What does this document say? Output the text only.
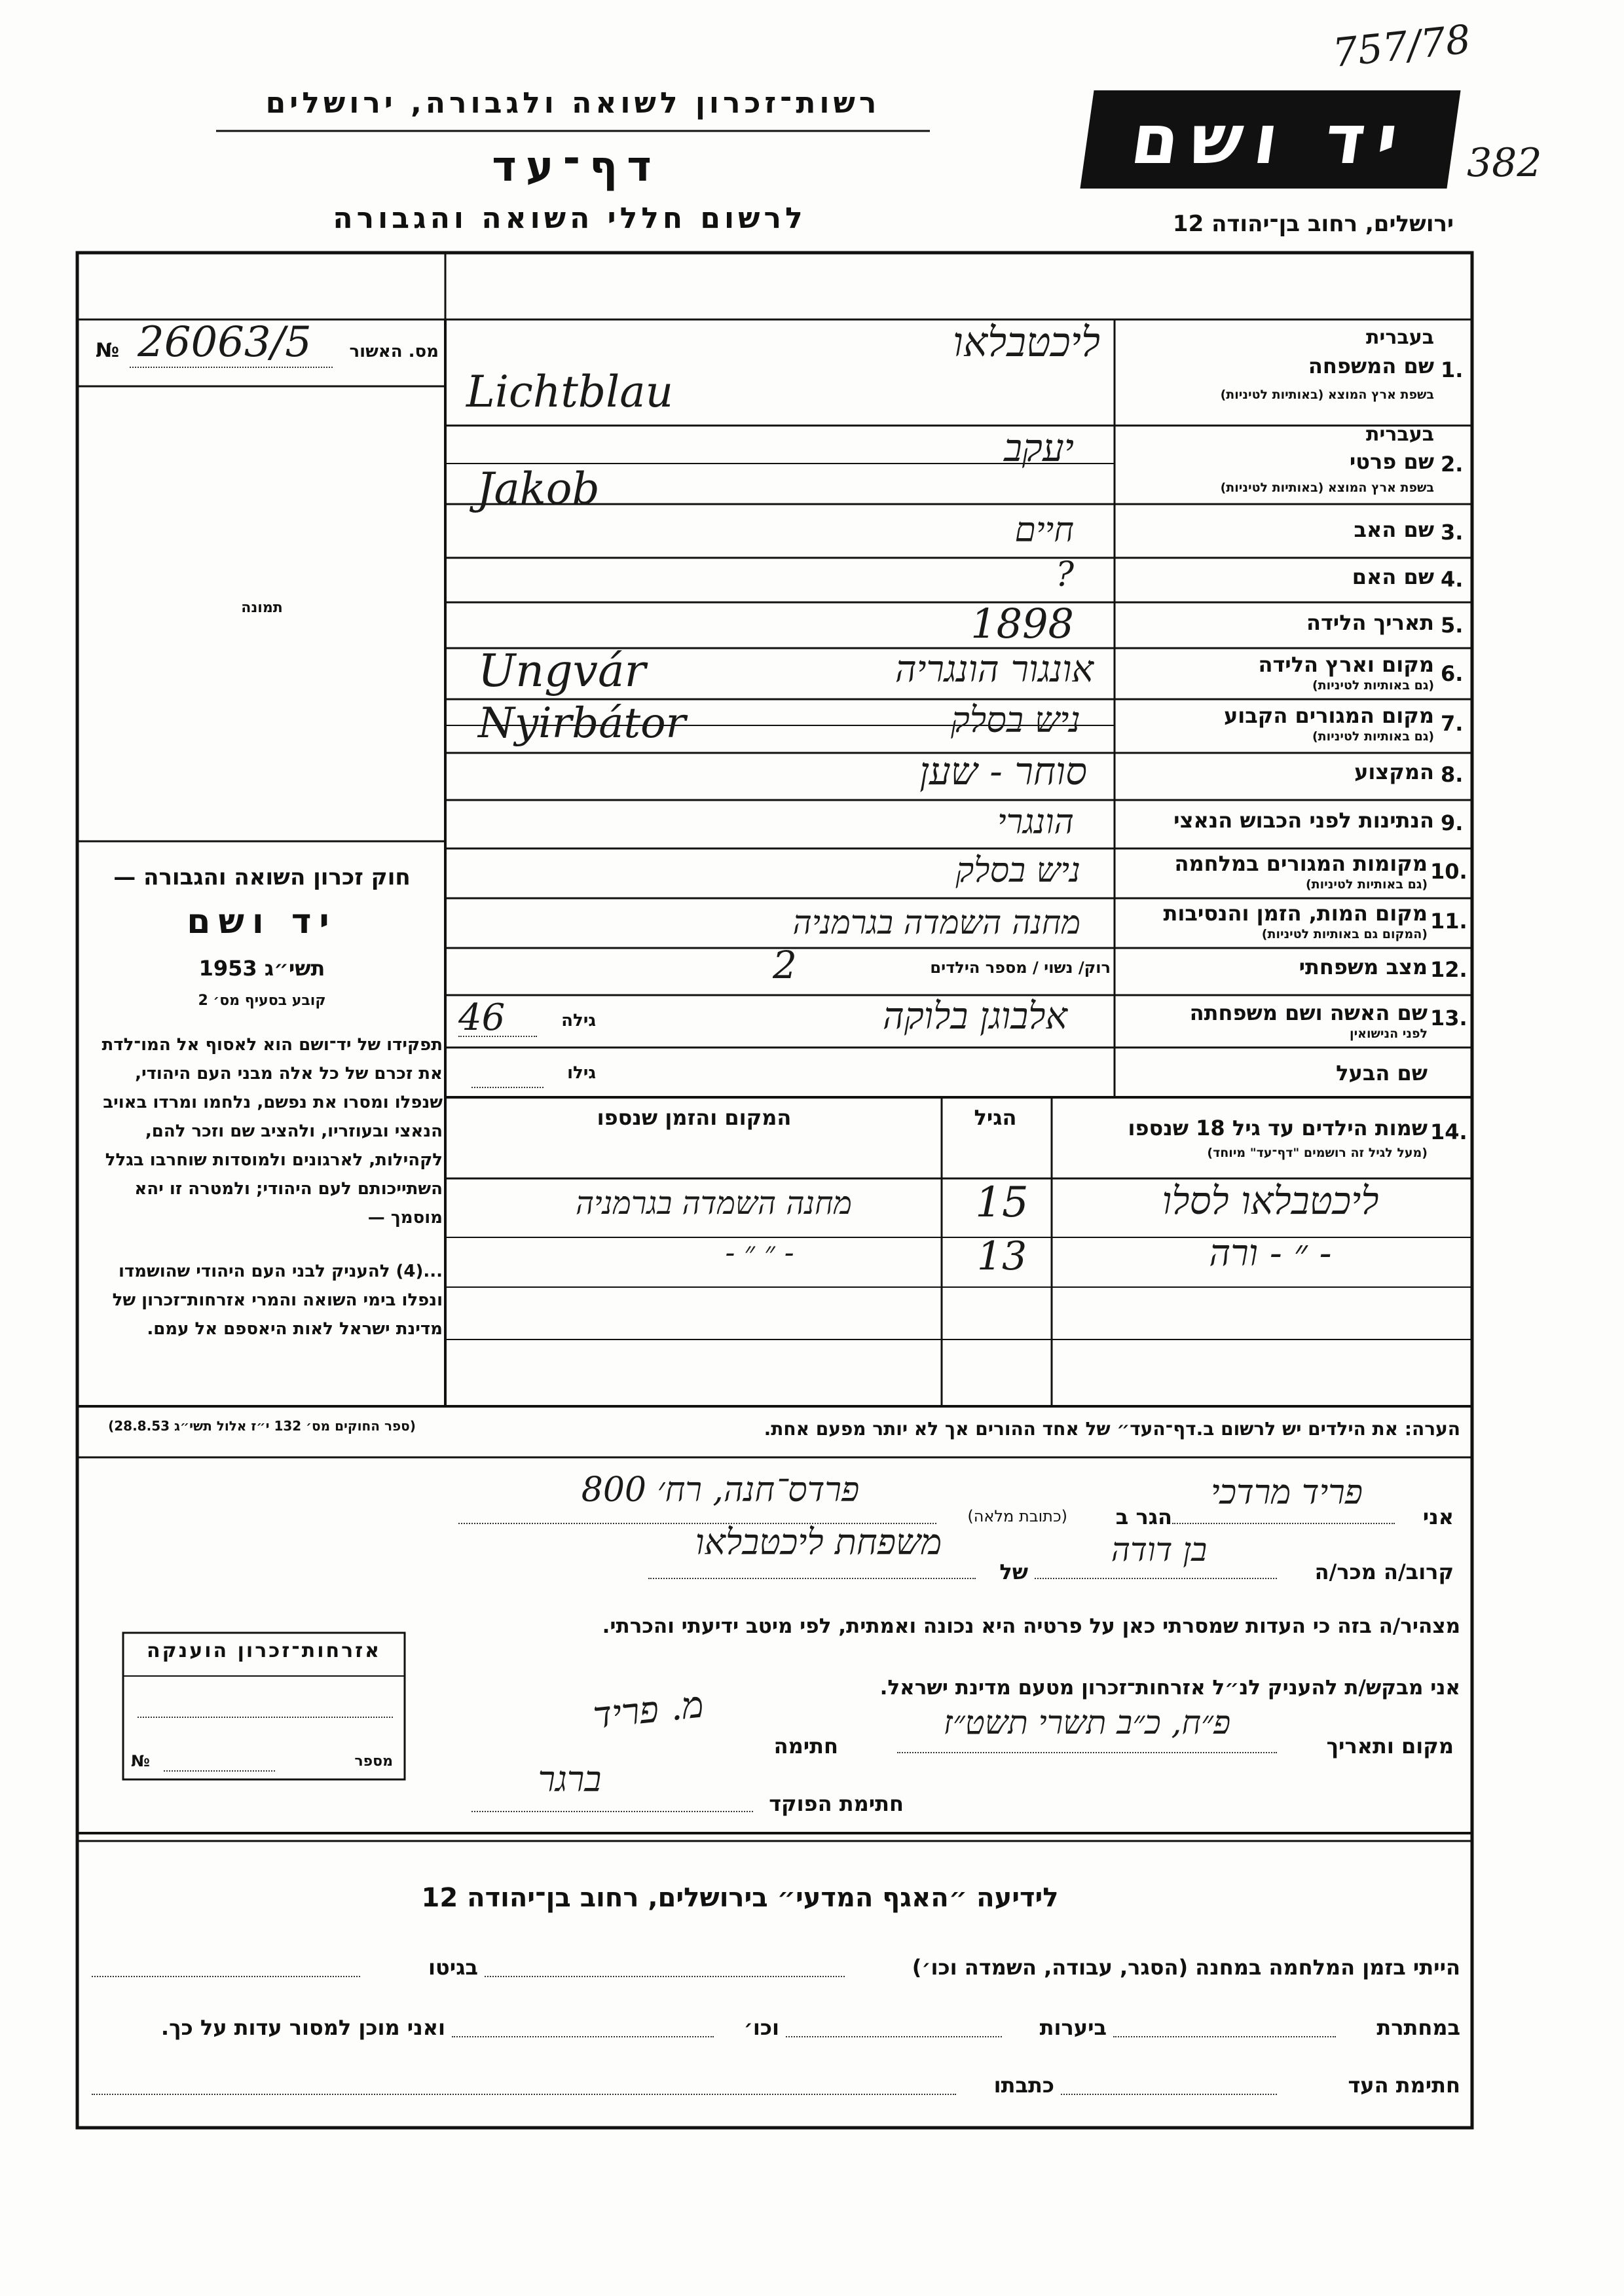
757/78
382
רשות־זכרון לשואה ולגבורה, ירושלים
דף־עד
לרשום חללי השואה והגבורה
יד ושם
ירושלים, רחוב בן־יהודה 12
№ 26063/5	מס. האשור
תמונה
חוק זכרון השואה והגבורה —
יד ושם
תשי״ג 1953
קובע בסעיף מס׳ 2
תפקידו של יד־ושם הוא לאסוף אל המו־לדת את זכרם של כל אלה מבני העם היהודי, שנפלו ומסרו את נפשם, נלחמו ומרדו באויב הנאצי ובעוזריו, ולהציב שם וזכר להם, לקהילות, לארגונים ולמוסדות שוחרבו בגלל השתייכותם לעם היהודי; ולמטרה זו יהא מוסמך —
...(4) להעניק לבני העם היהודי שהושמדו ונפלו בימי השואה והמרי אזרחות־זכרון של מדינת ישראל לאות היאספם אל עמם.
(ספר החוקים מס׳ 132 י״ז אלול תשי״ג 28.8.53)
1.
בעברית
שם המשפחה
בשפת ארץ המוצא (באותיות לטיניות)
ליכטבלאו
Lichtblau
2.
בעברית
שם פרטי
בשפת ארץ המוצא (באותיות לטיניות)
יעקב
Jakob
3.
שם האב
חיים
4.
שם האם
?
5.
תאריך הלידה
1898
6.
מקום וארץ הלידה
(גם באותיות לטיניות)
אונגור הונגריה
Ungvár
7.
מקום המגורים הקבוע
(גם באותיות לטיניות)
ניש בסלק
Nyirbátor
8.
המקצוע
סוחר - שען
9.
הנתינות לפני הכבוש הנאצי
הונגרי
10.
מקומות המגורים במלחמה
(גם באותיות לטיניות)
ניש בסלק
11.
מקום המות, הזמן והנסיבות
(המקום גם באותיות לטיניות)
מחנה השמדה בגרמניה
12.
מצב משפחתי
רוק/ נשוי / מספר הילדים
2
13.
שם האשה ושם משפחתה
לפני הנישואין
אלבוגן בלוקה
גילה
46
שם הבעל
גילו
14.
שמות הילדים עד גיל 18 שנספו
(מעל לגיל זה רושמים "דף־עד" מיוחד)
הגיל
המקום והזמן שנספו
ליכטבלאו לסלו
15
מחנה השמדה בגרמניה
- ״ - ורה
13
- ״ ״ -
הערה: את הילדים יש לרשום ב.דף־העד״ של אחד ההורים אך לא יותר מפעם אחת.
אני
פריד מרדכי
הגר ב
(כתובת מלאה)
פרדס־חנה, רח׳ 800
קרוב/ה מכר/ה
בן דודה
של
משפחת ליכטבלאו
מצהיר/ה בזה כי העדות שמסרתי כאן על פרטיה היא נכונה ואמתית, לפי מיטב ידיעתי והכרתי.
אני מבקש/ת להעניק לנ״ל אזרחות־זכרון מטעם מדינת ישראל.
מקום ותאריך
פ״ח, כ״ב תשרי תשט״ז
חתימה
מ. פריד
חתימת הפוקד
ברגר
אזרחות־זכרון הוענקה
№	מספר
לידיעה ״האגף המדעי״ בירושלים, רחוב בן־יהודה 12
הייתי בזמן המלחמה במחנה (הסגר, עבודה, השמדה וכו׳)
בגיטו
במחתרת
ביערות
וכו׳
ואני מוכן למסור עדות על כך.
חתימת העד
כתבתו
